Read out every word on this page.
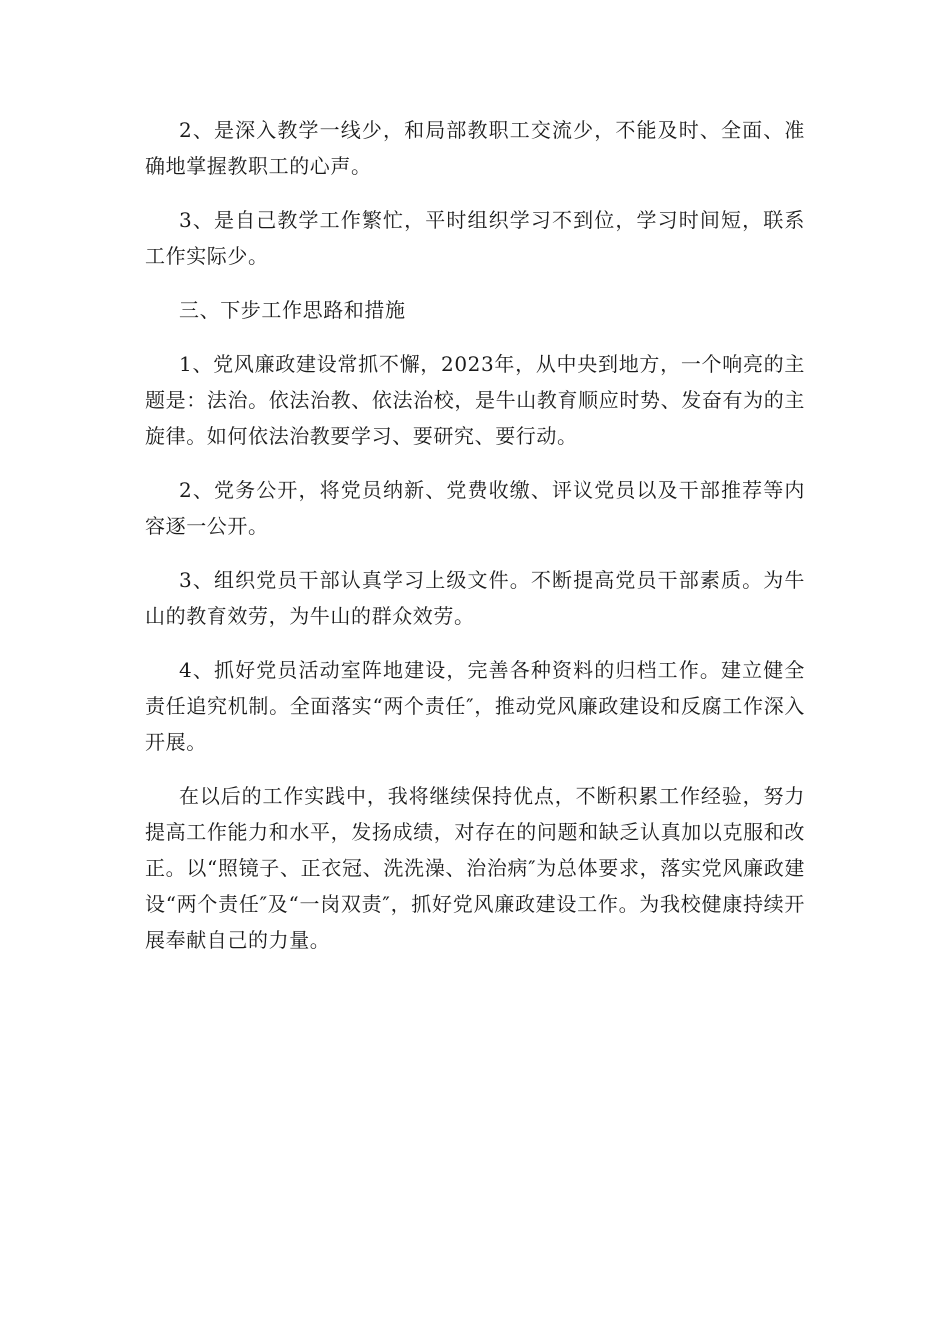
2、是深入教学一线少，和局部教职工交流少，不能及时、全面、准确地掌握教职工的心声。

3、是自己教学工作繁忙，平时组织学习不到位，学习时间短，联系工作实际少。

三、下步工作思路和措施

1、党风廉政建设常抓不懈，2023年，从中央到地方，一个响亮的主题是：法治。依法治教、依法治校，是牛山教育顺应时势、发奋有为的主旋律。如何依法治教要学习、要研究、要行动。

2、党务公开，将党员纳新、党费收缴、评议党员以及干部推荐等内容逐一公开。

3、组织党员干部认真学习上级文件。不断提高党员干部素质。为牛山的教育效劳，为牛山的群众效劳。

4、抓好党员活动室阵地建设，完善各种资料的归档工作。建立健全责任追究机制。全面落实“两个责任″，推动党风廉政建设和反腐工作深入开展。

在以后的工作实践中，我将继续保持优点，不断积累工作经验，努力提高工作能力和水平，发扬成绩，对存在的问题和缺乏认真加以克服和改正。以“照镜子、正衣冠、洗洗澡、治治病″为总体要求，落实党风廉政建设“两个责任″及“一岗双责″，抓好党风廉政建设工作。为我校健康持续开展奉献自己的力量。
